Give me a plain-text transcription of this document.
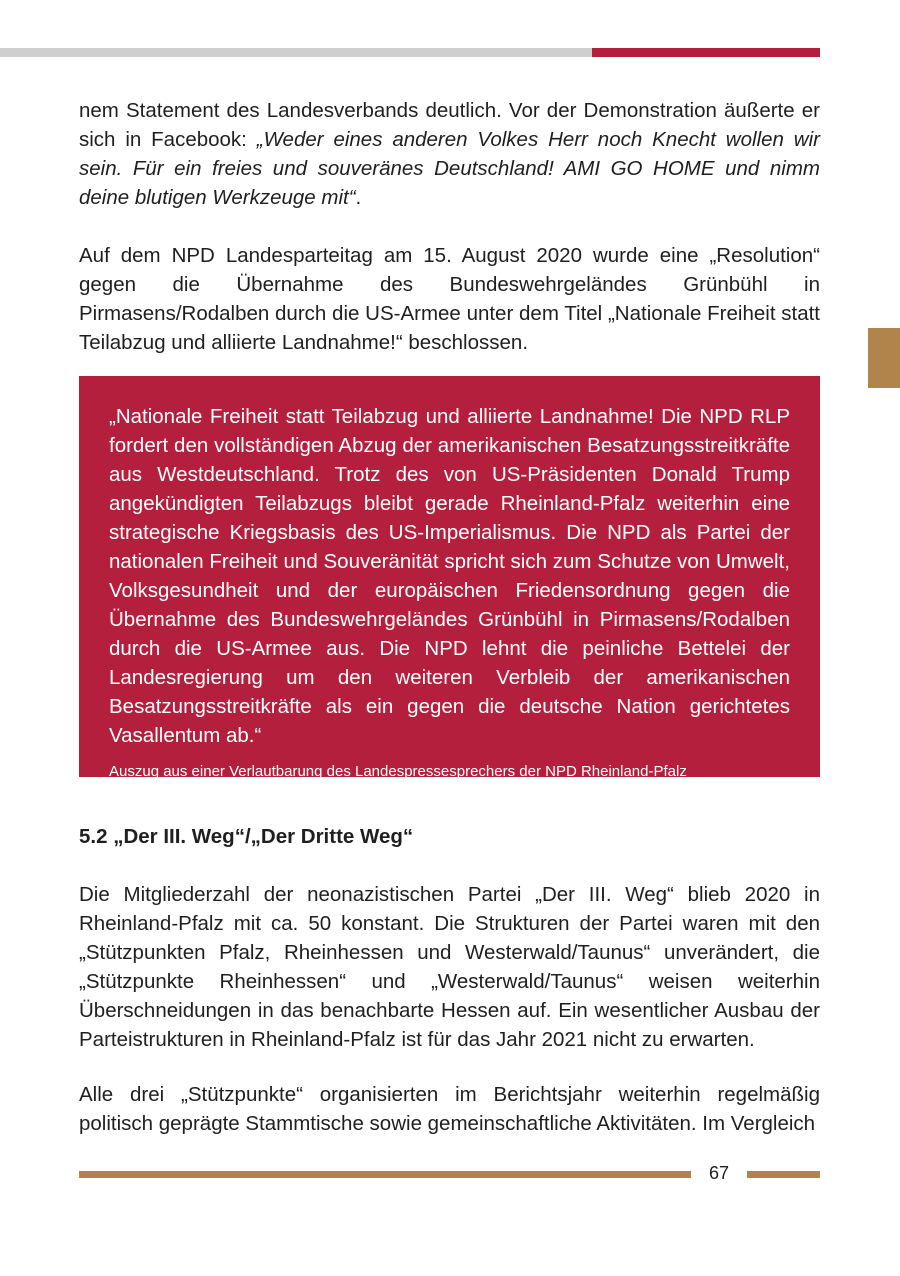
nem Statement des Landesverbands deutlich. Vor der Demonstration äußerte er sich in Facebook: „Weder eines anderen Volkes Herr noch Knecht wollen wir sein. Für ein freies und souveränes Deutschland! AMI GO HOME und nimm deine blutigen Werkzeuge mit“.

Auf dem NPD Landesparteitag am 15. August 2020 wurde eine „Resolution“ gegen die Übernahme des Bundeswehrgeländes Grünbühl in Pirmasens/Rodalben durch die US-Armee unter dem Titel „Nationale Freiheit statt Teilabzug und alliierte Landnahme!“ beschlossen.

„Nationale Freiheit statt Teilabzug und alliierte Landnahme! Die NPD RLP fordert den vollständigen Abzug der amerikanischen Besatzungsstreitkräfte aus Westdeutschland. Trotz des von US-Präsidenten Donald Trump angekündigten Teilabzugs bleibt gerade Rheinland-Pfalz weiterhin eine strategische Kriegsbasis des US-Imperialismus. Die NPD als Partei der nationalen Freiheit und Souveränität spricht sich zum Schutze von Umwelt, Volksgesundheit und der europäischen Friedensordnung gegen die Übernahme des Bundeswehrgeländes Grünbühl in Pirmasens/Rodalben durch die US-Armee aus. Die NPD lehnt die peinliche Bettelei der Landesregierung um den weiteren Verbleib der amerikanischen Besatzungsstreitkräfte als ein gegen die deutsche Nation gerichtetes Vasallentum ab.“

Auszug aus einer Verlautbarung des Landespressesprechers der NPD Rheinland-Pfalz

5.2 „Der III. Weg“/„Der Dritte Weg“

Die Mitgliederzahl der neonazistischen Partei „Der III. Weg“ blieb 2020 in Rheinland-Pfalz mit ca. 50 konstant. Die Strukturen der Partei waren mit den „Stützpunkten Pfalz, Rheinhessen und Westerwald/Taunus“ unverändert, die „Stützpunkte Rheinhessen“ und „Westerwald/Taunus“ weisen weiterhin Überschneidungen in das benachbarte Hessen auf. Ein wesentlicher Ausbau der Parteistrukturen in Rheinland-Pfalz ist für das Jahr 2021 nicht zu erwarten.

Alle drei „Stützpunkte“ organisierten im Berichtsjahr weiterhin regelmäßig politisch geprägte Stammtische sowie gemeinschaftliche Aktivitäten. Im Vergleich

67
